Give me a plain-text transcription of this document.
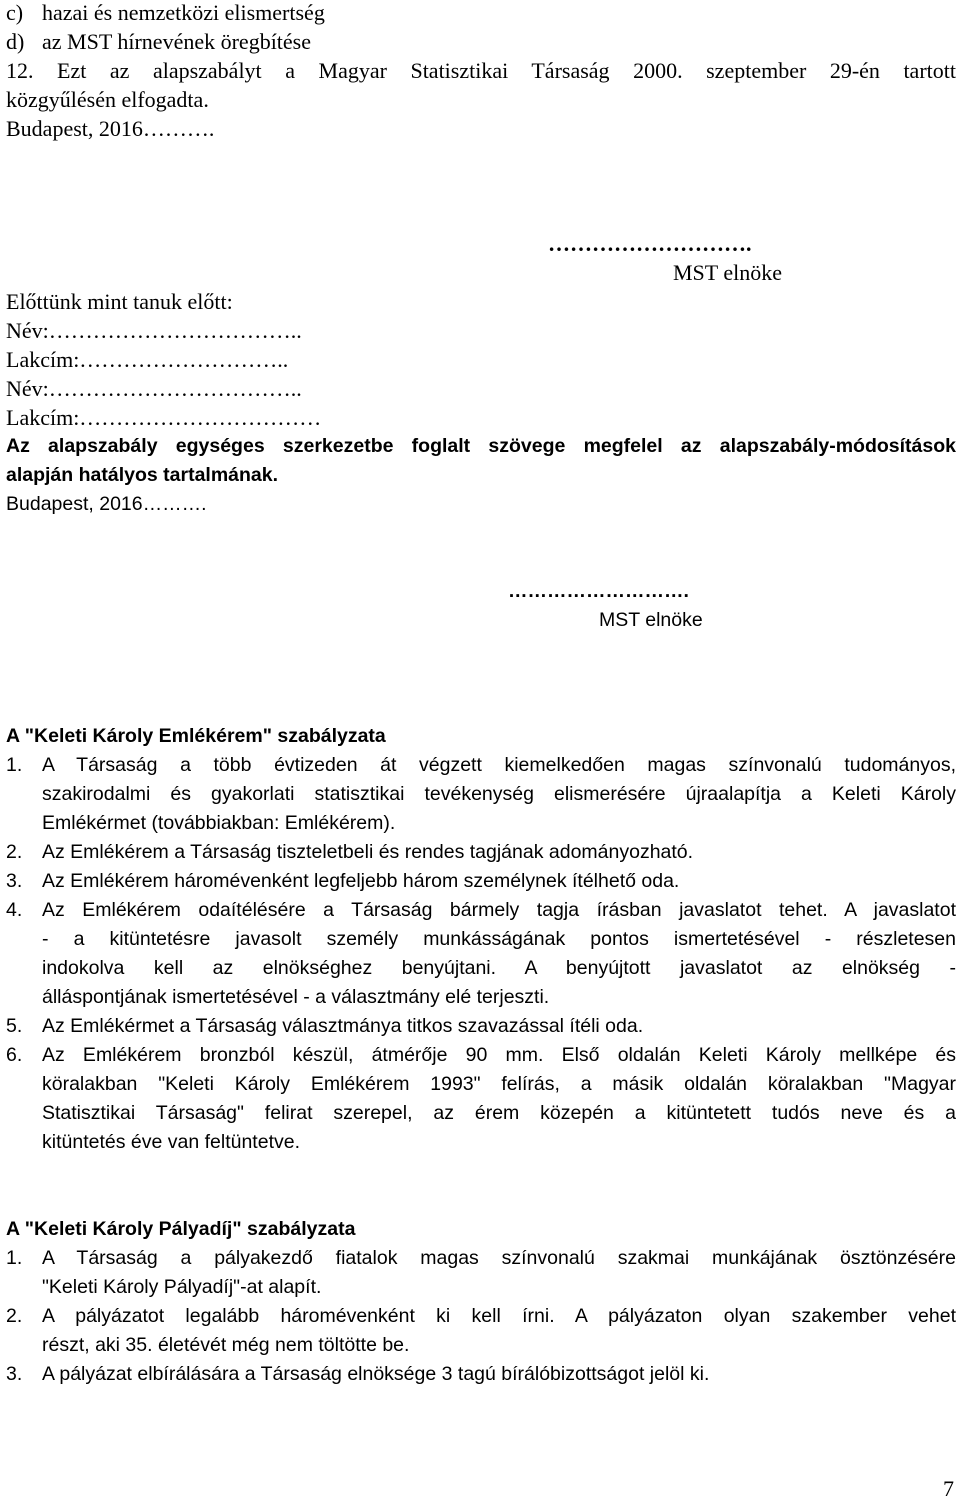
c) hazai és nemzetközi elismertség
d) az MST hírnevének öregbítése
12. Ezt az alapszabályt a Magyar Statisztikai Társaság 2000. szeptember 29-én tartott
közgyűlésén elfogadta.
Budapest, 2016……….
……………………….
MST elnöke
Előttünk mint tanuk előtt:
Név:……………………………..
Lakcím:………………………..
Név:……………………………..
Lakcím:……………………………
Az alapszabály egységes szerkezetbe foglalt szövege megfelel az alapszabály-módosítások
alapján hatályos tartalmának.
Budapest, 2016……….
……………………….
MST elnöke
A "Keleti Károly Emlékérem" szabályzata
1. A Társaság a több évtizeden át végzett kiemelkedően magas színvonalú tudományos,
szakirodalmi és gyakorlati statisztikai tevékenység elismerésére újraalapítja a Keleti Károly
Emlékérmet (továbbiakban: Emlékérem).
2. Az Emlékérem a Társaság tiszteletbeli és rendes tagjának adományozható.
3. Az Emlékérem háromévenként legfeljebb három személynek ítélhető oda.
4. Az Emlékérem odaítélésére a Társaság bármely tagja írásban javaslatot tehet. A javaslatot
- a kitüntetésre javasolt személy munkásságának pontos ismertetésével - részletesen
indokolva kell az elnökséghez benyújtani. A benyújtott javaslatot az elnökség -
álláspontjának ismertetésével - a választmány elé terjeszti.
5. Az Emlékérmet a Társaság választmánya titkos szavazással ítéli oda.
6. Az Emlékérem bronzból készül, átmérője 90 mm. Első oldalán Keleti Károly mellképe és
köralakban "Keleti Károly Emlékérem 1993" felírás, a másik oldalán köralakban "Magyar
Statisztikai Társaság" felirat szerepel, az érem közepén a kitüntetett tudós neve és a
kitüntetés éve van feltüntetve.
A "Keleti Károly Pályadíj" szabályzata
1. A Társaság a pályakezdő fiatalok magas színvonalú szakmai munkájának ösztönzésére
"Keleti Károly Pályadíj"-at alapít.
2. A pályázatot legalább háromévenként ki kell írni. A pályázaton olyan szakember vehet
részt, aki 35. életévét még nem töltötte be.
3. A pályázat elbírálására a Társaság elnöksége 3 tagú bírálóbizottságot jelöl ki.
7
